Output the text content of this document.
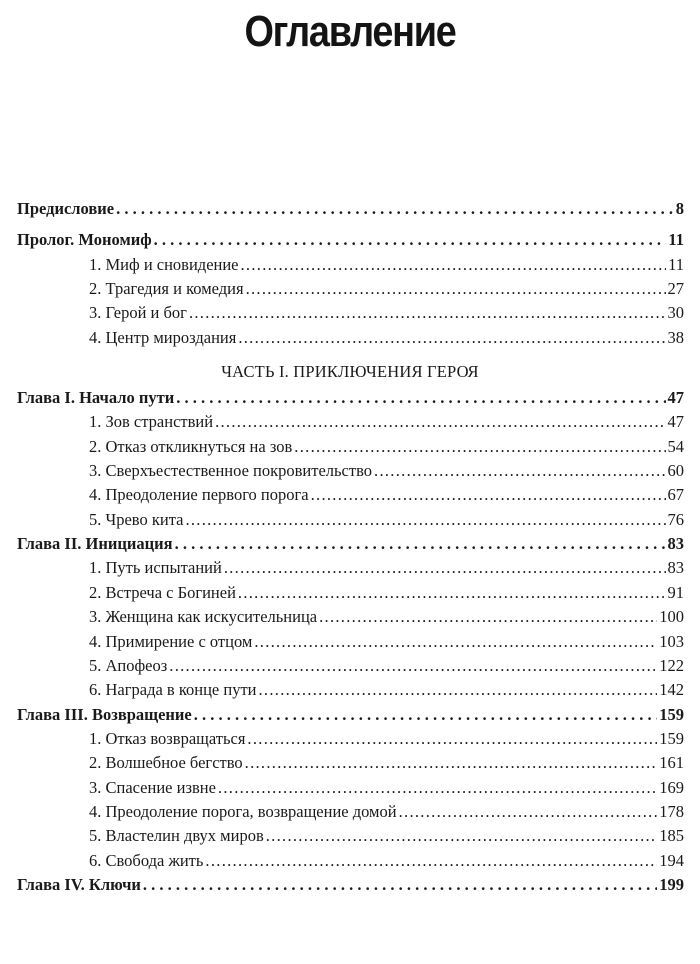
Оглавление
Предисловие . . .	8
Пролог. Мономиф . . .	11
1. Миф и сновидение .....	11
2. Трагедия и комедия .....	27
3. Герой и бог .....	30
4. Центр мироздания .....	38
ЧАСТЬ I. ПРИКЛЮЧЕНИЯ ГЕРОЯ
Глава I. Начало пути . . .	47
1. Зов странствий .....	47
2. Отказ откликнуться на зов .....	54
3. Сверхъестественное покровительство .....	60
4. Преодоление первого порога .....	67
5. Чрево кита .....	76
Глава II. Инициация . . .	83
1. Путь испытаний .....	83
2. Встреча с Богиней .....	91
3. Женщина как искусительница .....	100
4. Примирение с отцом .....	103
5. Апофеоз .....	122
6. Награда в конце пути .....	142
Глава III. Возвращение . . .	159
1. Отказ возвращаться .....	159
2. Волшебное бегство .....	161
3. Спасение извне .....	169
4. Преодоление порога, возвращение домой .....	178
5. Властелин двух миров .....	185
6. Свобода жить .....	194
Глава IV. Ключи . . .	199
